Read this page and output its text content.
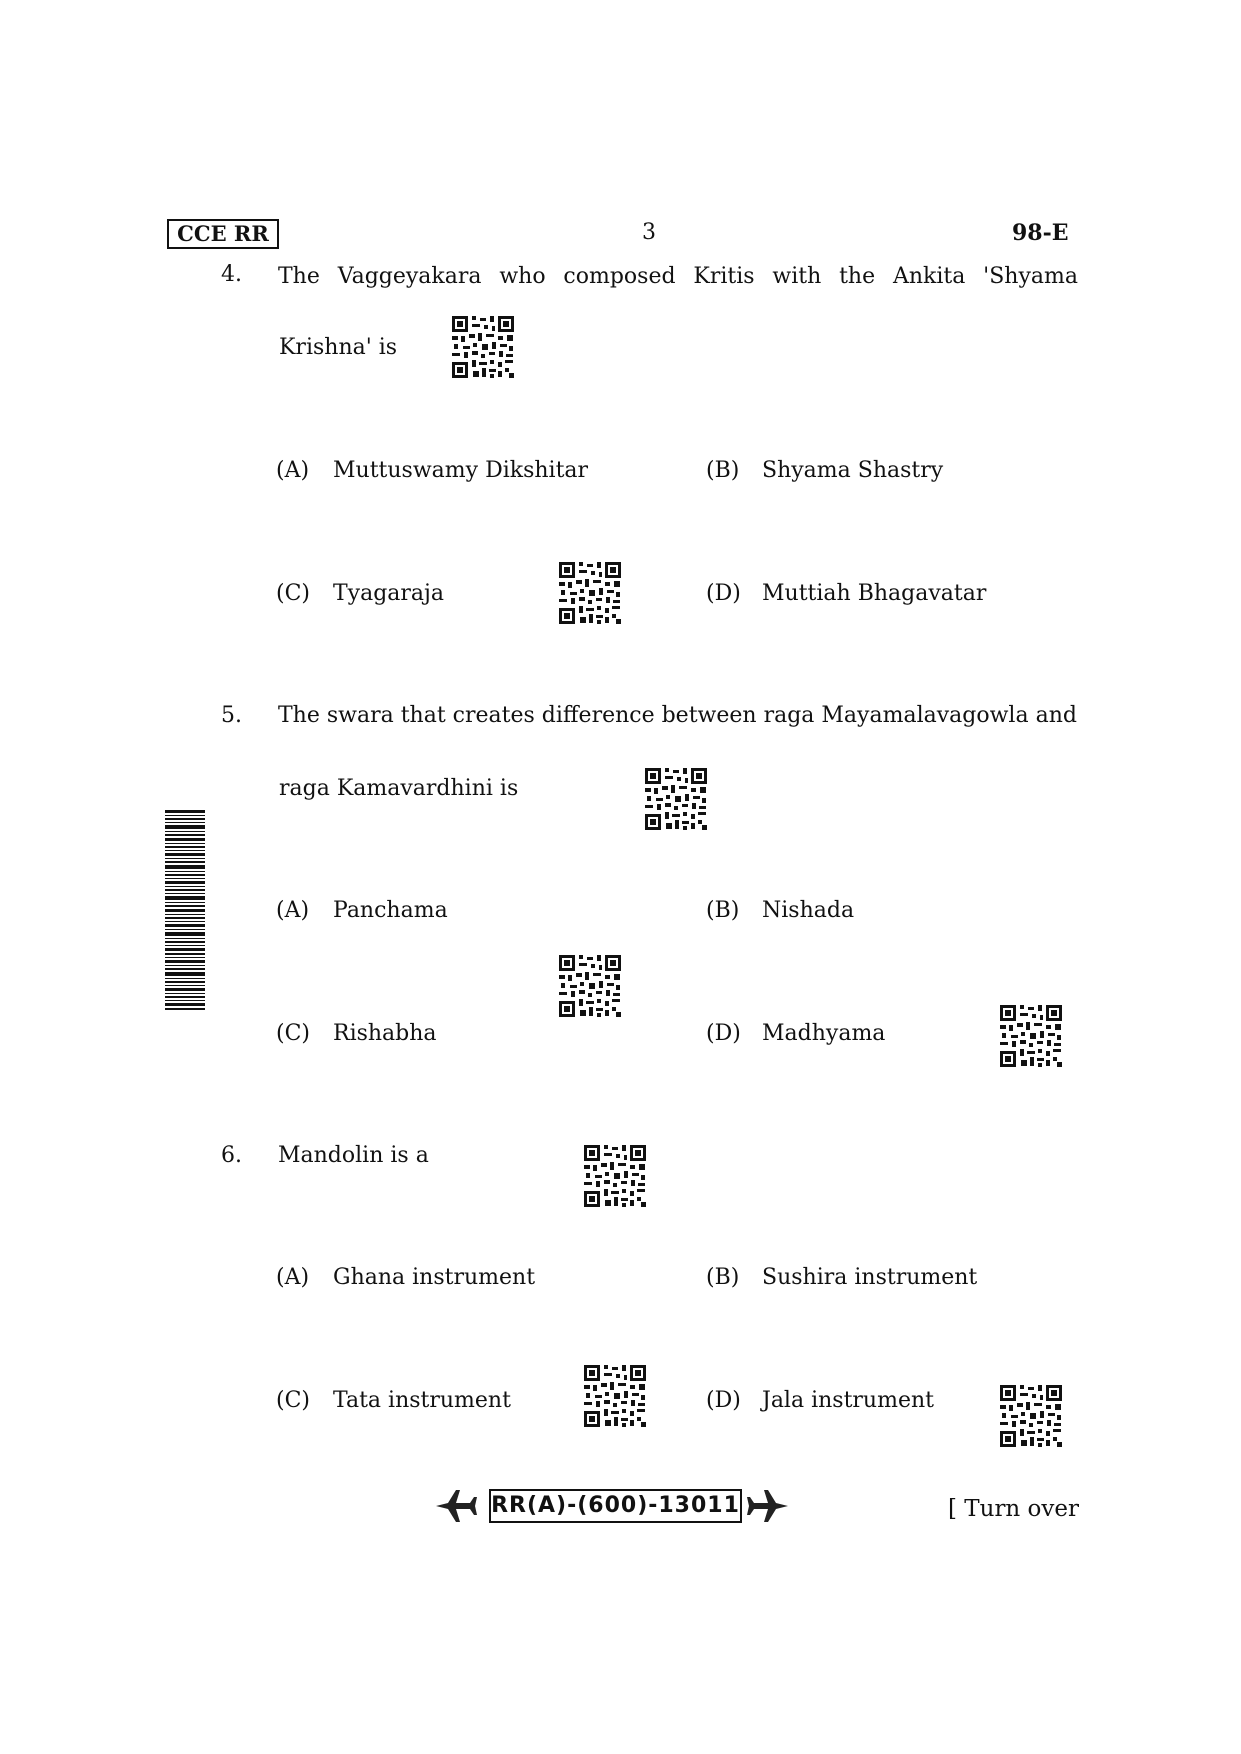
CCE RR	3	98-E
4. The Vaggeyakara who composed Kritis with the Ankita 'Shyama
Krishna' is
(A) Muttuswamy Dikshitar	(B) Shyama Shastry
(C) Tyagaraja	(D) Muttiah Bhagavatar
5. The swara that creates difference between raga Mayamalavagowla and
raga Kamavardhini is
(A) Panchama	(B) Nishada
(C) Rishabha	(D) Madhyama
6. Mandolin is a
(A) Ghana instrument	(B) Sushira instrument
(C) Tata instrument	(D) Jala instrument
RR(A)-(600)-13011	[ Turn over
